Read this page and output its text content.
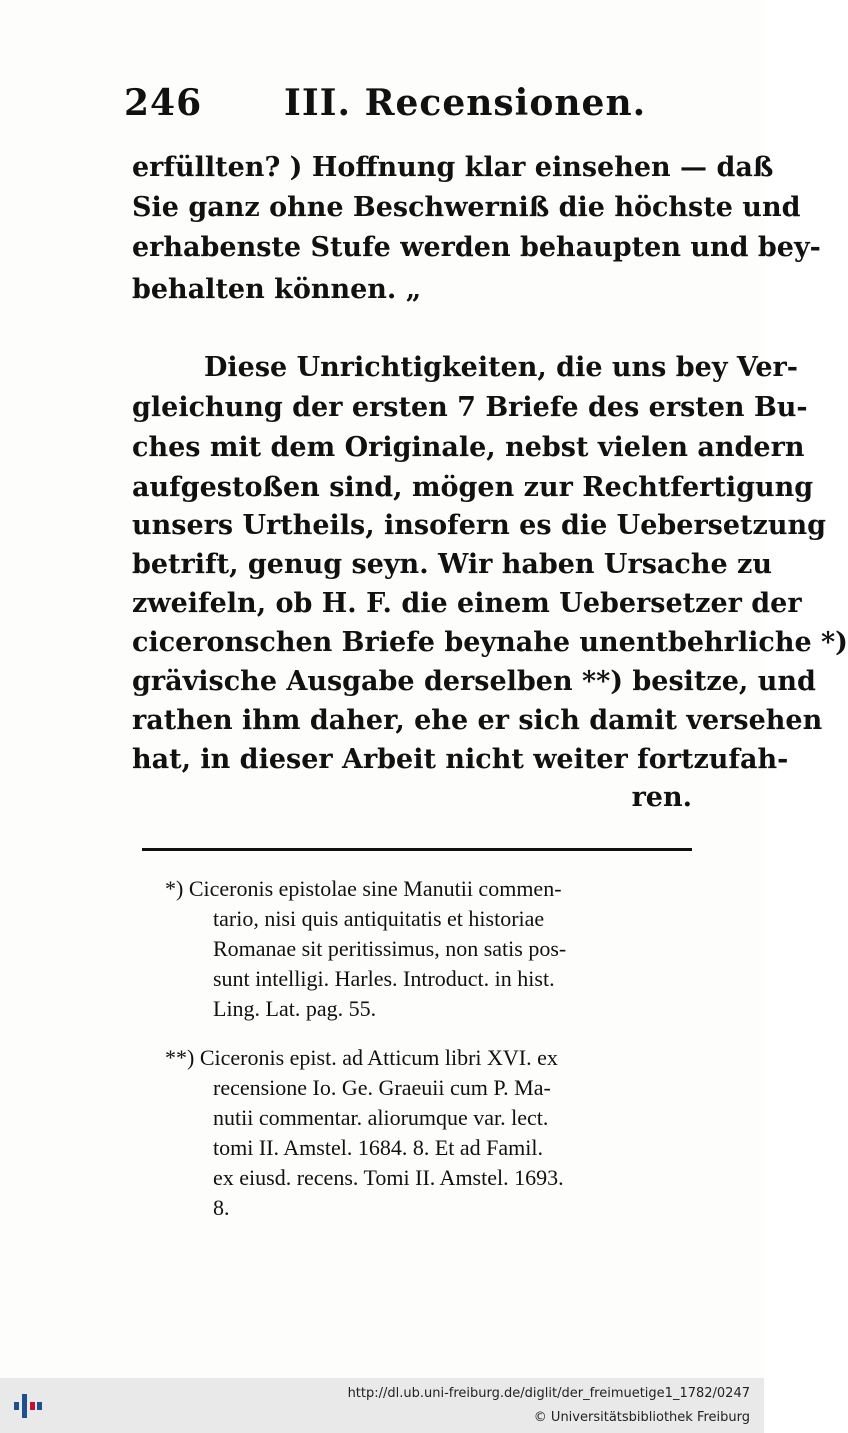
246 III. Recensionen.
erfüllten? ) Hoffnung klar einsehen — daß
Sie ganz ohne Beschwerniß die höchste und
erhabenste Stufe werden behaupten und bey-
behalten können. „
Diese Unrichtigkeiten, die uns bey Ver-
gleichung der ersten 7 Briefe des ersten Bu-
ches mit dem Originale, nebst vielen andern
aufgestoßen sind, mögen zur Rechtfertigung
unsers Urtheils, insofern es die Uebersetzung
betrift, genug seyn. Wir haben Ursache zu
zweifeln, ob H. F. die einem Uebersetzer der
ciceronschen Briefe beynahe unentbehrliche *)
grävische Ausgabe derselben **) besitze, und
rathen ihm daher, ehe er sich damit versehen
hat, in dieser Arbeit nicht weiter fortzufah-
ren.
*) Ciceronis epistolae sine Manutii commen-
tario, nisi quis antiquitatis et historiae
Romanae sit peritissimus, non satis pos-
sunt intelligi. Harles. Introduct. in hist.
Ling. Lat. pag. 55.
**) Ciceronis epist. ad Atticum libri XVI. ex
recensione Io. Ge. Graeuii cum P. Ma-
nutii commentar. aliorumque var. lect.
tomi II. Amstel. 1684. 8. Et ad Famil.
ex eiusd. recens. Tomi II. Amstel. 1693.
8.
http://dl.ub.uni-freiburg.de/diglit/der_freimuetige1_1782/0247
© Universitätsbibliothek Freiburg
